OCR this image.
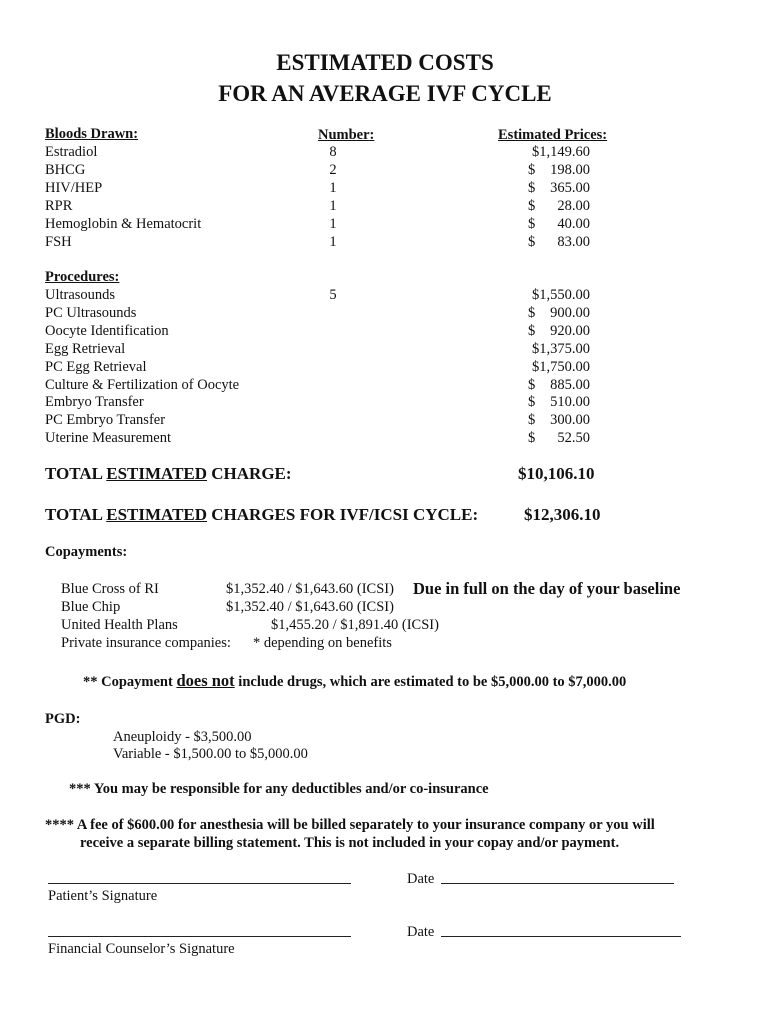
ESTIMATED COSTS
FOR AN AVERAGE IVF CYCLE
Bloods Drawn:	Number:	Estimated Prices:
Estradiol	8	$1,149.60
BHCG	2	$ 198.00
HIV/HEP	1	$ 365.00
RPR	1	$ 28.00
Hemoglobin & Hematocrit	1	$ 40.00
FSH	1	$ 83.00
Procedures:
Ultrasounds	5	$1,550.00
PC Ultrasounds	$ 900.00
Oocyte Identification	$ 920.00
Egg Retrieval	$1,375.00
PC Egg Retrieval	$1,750.00
Culture & Fertilization of Oocyte	$ 885.00
Embryo Transfer	$ 510.00
PC Embryo Transfer	$ 300.00
Uterine Measurement	$ 52.50
TOTAL ESTIMATED CHARGE:	$10,106.10
TOTAL ESTIMATED CHARGES FOR IVF/ICSI CYCLE:	$12,306.10
Copayments:
Blue Cross of RI	$1,352.40 / $1,643.60 (ICSI) Due in full on the day of your baseline
Blue Chip	$1,352.40 / $1,643.60 (ICSI)
United Health Plans	$1,455.20 / $1,891.40 (ICSI)
Private insurance companies: * depending on benefits
** Copayment does not include drugs, which are estimated to be $5,000.00 to $7,000.00
PGD:
Aneuploidy - $3,500.00
Variable - $1,500.00 to $5,000.00
*** You may be responsible for any deductibles and/or co-insurance
**** A fee of $600.00 for anesthesia will be billed separately to your insurance company or you will
receive a separate billing statement. This is not included in your copay and/or payment.
Date
Patient’s Signature
Date
Financial Counselor’s Signature
